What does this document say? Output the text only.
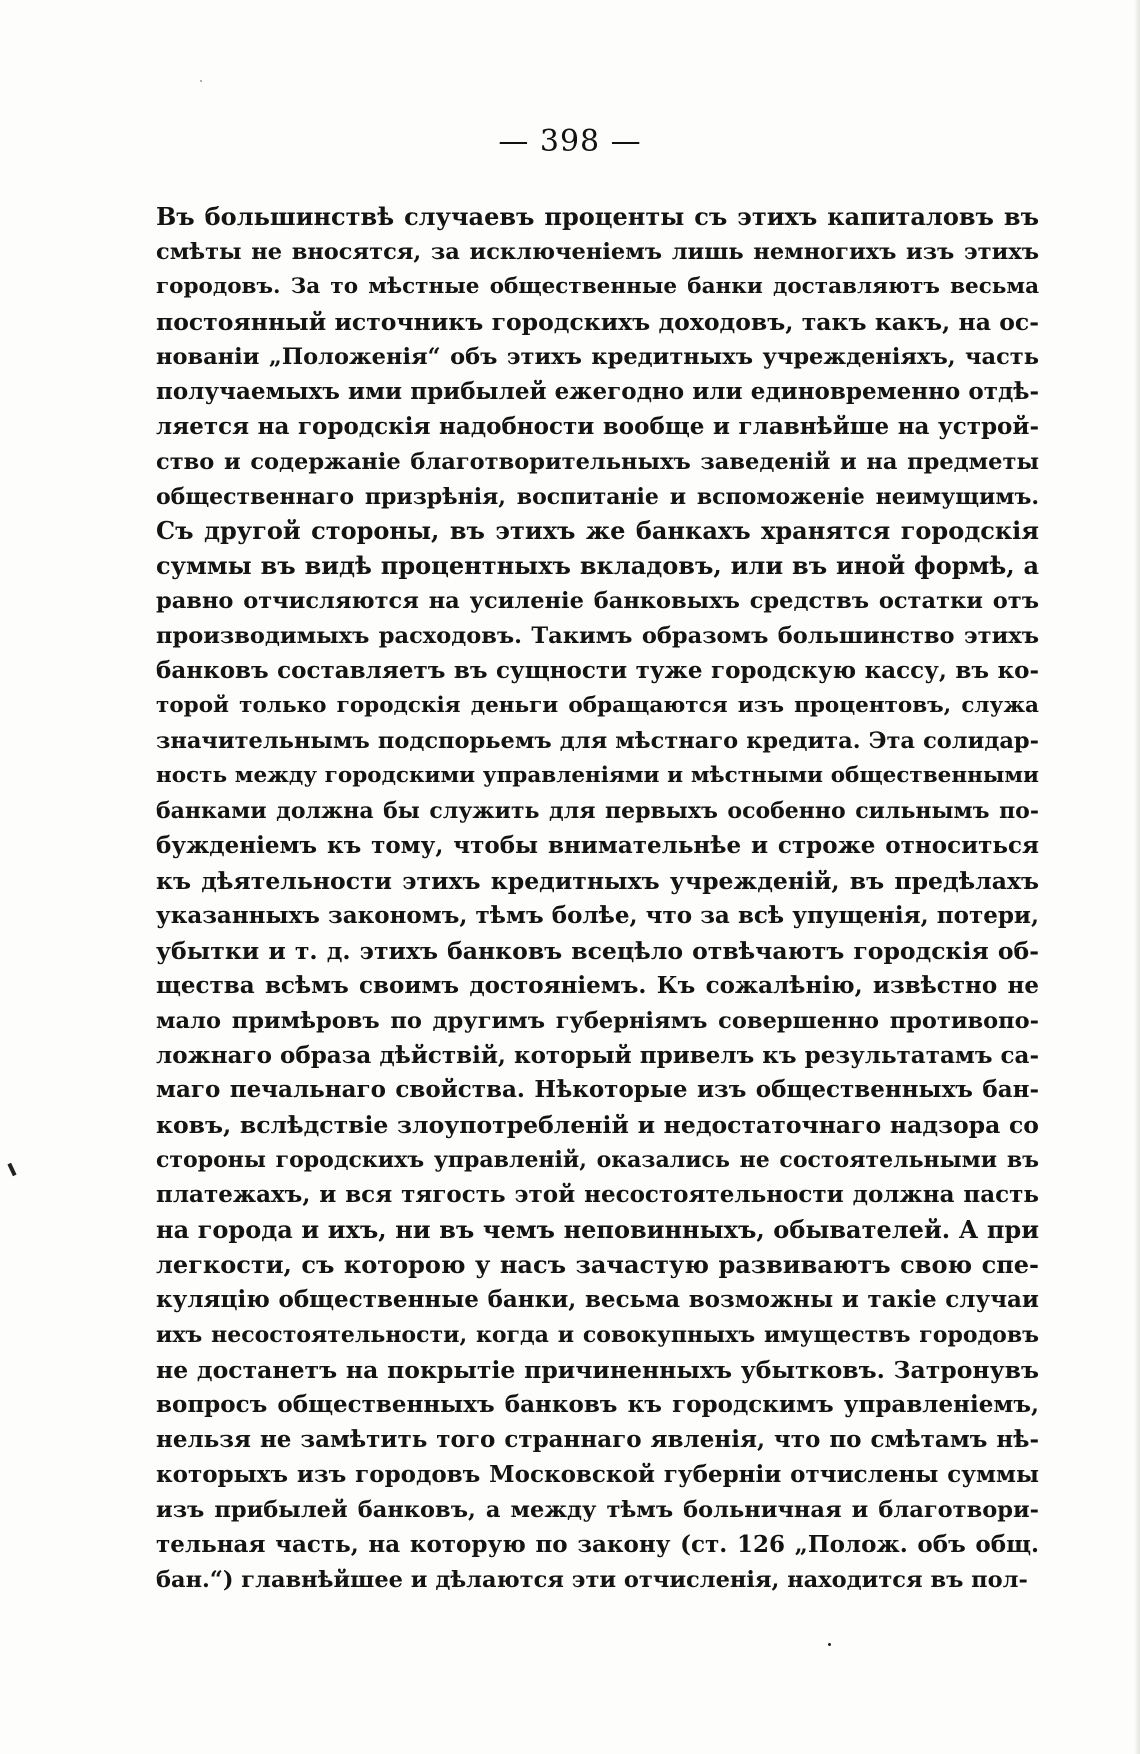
— 398 —
Въ большинствѣ случаевъ проценты съ этихъ капиталовъ въ
смѣты не вносятся, за исключеніемъ лишь немногихъ изъ этихъ
городовъ. За то мѣстные общественные банки доставляютъ весьма
постоянный источникъ городскихъ доходовъ, такъ какъ, на ос-
нованіи „Положенія“ объ этихъ кредитныхъ учрежденіяхъ, часть
получаемыхъ ими прибылей ежегодно или единовременно отдѣ-
ляется на городскія надобности вообще и главнѣйше на устрой-
ство и содержаніе благотворительныхъ заведеній и на предметы
общественнаго призрѣнія, воспитаніе и вспоможеніе неимущимъ.
Съ другой стороны, въ этихъ же банкахъ хранятся городскія
суммы въ видѣ процентныхъ вкладовъ, или въ иной формѣ, а
равно отчисляются на усиленіе банковыхъ средствъ остатки отъ
производимыхъ расходовъ. Такимъ образомъ большинство этихъ
банковъ составляетъ въ сущности туже городскую кассу, въ ко-
торой только городскія деньги обращаются изъ процентовъ, служа
значительнымъ подспорьемъ для мѣстнаго кредита. Эта солидар-
ность между городскими управленіями и мѣстными общественными
банками должна бы служить для первыхъ особенно сильнымъ по-
бужденіемъ къ тому, чтобы внимательнѣе и строже относиться
къ дѣятельности этихъ кредитныхъ учрежденій, въ предѣлахъ
указанныхъ закономъ, тѣмъ болѣе, что за всѣ упущенія, потери,
убытки и т. д. этихъ банковъ всецѣло отвѣчаютъ городскія об-
щества всѣмъ своимъ достояніемъ. Къ сожалѣнію, извѣстно не
мало примѣровъ по другимъ губерніямъ совершенно противопо-
ложнаго образа дѣйствій, который привелъ къ результатамъ са-
маго печальнаго свойства. Нѣкоторые изъ общественныхъ бан-
ковъ, вслѣдствіе злоупотребленій и недостаточнаго надзора со
стороны городскихъ управленій, оказались не состоятельными въ
платежахъ, и вся тягость этой несостоятельности должна пасть
на города и ихъ, ни въ чемъ неповинныхъ, обывателей. А при
легкости, съ которою у насъ зачастую развиваютъ свою спе-
куляцію общественные банки, весьма возможны и такіе случаи
ихъ несостоятельности, когда и совокупныхъ имуществъ городовъ
не достанетъ на покрытіе причиненныхъ убытковъ. Затронувъ
вопросъ общественныхъ банковъ къ городскимъ управленіемъ,
нельзя не замѣтить того страннаго явленія, что по смѣтамъ нѣ-
которыхъ изъ городовъ Московской губерніи отчислены суммы
изъ прибылей банковъ, а между тѣмъ больничная и благотвори-
тельная часть, на которую по закону (ст. 126 „Полож. объ общ.
бан.“) главнѣйшее и дѣлаются эти отчисленія, находится въ пол-
